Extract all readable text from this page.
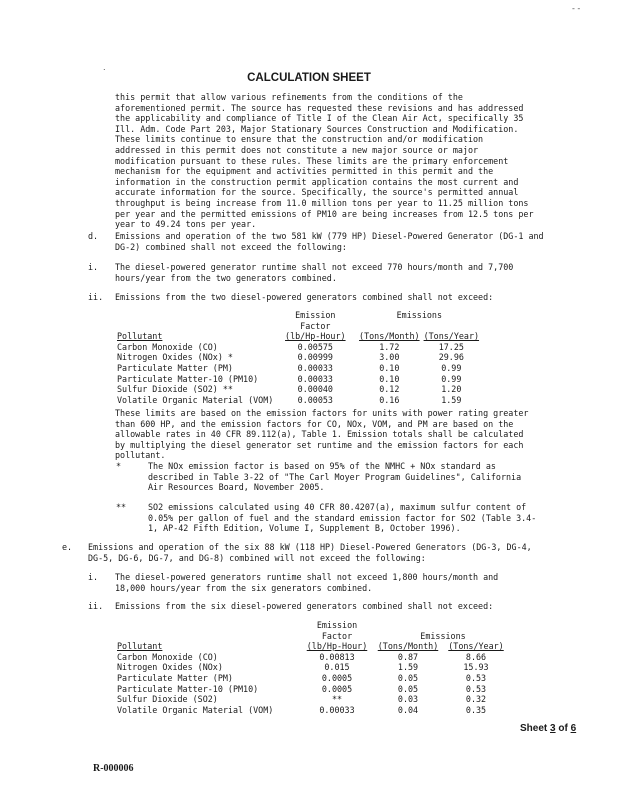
- -
.
CALCULATION SHEET
this permit that allow various refinements from the conditions of the
aforementioned permit. The source has requested these revisions and has addressed
the applicability and compliance of Title I of the Clean Air Act, specifically 35
Ill. Adm. Code Part 203, Major Stationary Sources Construction and Modification.
These limits continue to ensure that the construction and/or modification
addressed in this permit does not constitute a new major source or major
modification pursuant to these rules. These limits are the primary enforcement
mechanism for the equipment and activities permitted in this permit and the
information in the construction permit application contains the most current and
accurate information for the source. Specifically, the source's permitted annual
throughput is being increase from 11.0 million tons per year to 11.25 million tons
per year and the permitted emissions of PM10 are being increases from 12.5 tons per
year to 49.24 tons per year.
d. Emissions and operation of the two 581 kW (779 HP) Diesel-Powered Generator (DG-1 and
DG-2) combined shall not exceed the following:
i. The diesel-powered generator runtime shall not exceed 770 hours/month and 7,700
hours/year from the two generators combined.
ii. Emissions from the two diesel-powered generators combined shall not exceed:
	Emission	Emissions	
	Factor		
Pollutant	(lb/Hp-Hour)	(Tons/Month)	(Tons/Year)
Carbon Monoxide (CO)	0.00575	1.72	17.25
Nitrogen Oxides (NOx) *	0.00999	3.00	29.96
Particulate Matter (PM)	0.00033	0.10	0.99
Particulate Matter-10 (PM10)	0.00033	0.10	0.99
Sulfur Dioxide (SO2) **	0.00040	0.12	1.20
Volatile Organic Material (VOM)	0.00053	0.16	1.59
These limits are based on the emission factors for units with power rating greater
than 600 HP, and the emission factors for CO, NOx, VOM, and PM are based on the
allowable rates in 40 CFR 89.112(a), Table 1. Emission totals shall be calculated
by multiplying the diesel generator set runtime and the emission factors for each
pollutant.
*	The NOx emission factor is based on 95% of the NMHC + NOx standard as
described in Table 3-22 of "The Carl Moyer Program Guidelines", California
Air Resources Board, November 2005.
**	SO2 emissions calculated using 40 CFR 80.4207(a), maximum sulfur content of
0.05% per gallon of fuel and the standard emission factor for SO2 (Table 3.4-
1, AP-42 Fifth Edition, Volume I, Supplement B, October 1996).
e. Emissions and operation of the six 88 kW (118 HP) Diesel-Powered Generators (DG-3, DG-4,
DG-5, DG-6, DG-7, and DG-8) combined will not exceed the following:
i. The diesel-powered generators runtime shall not exceed 1,800 hours/month and
18,000 hours/year from the six generators combined.
ii. Emissions from the six diesel-powered generators combined shall not exceed:
	Emission		
	Factor	Emissions	
Pollutant	(lb/Hp-Hour)	(Tons/Month)	(Tons/Year)
Carbon Monoxide (CO)	0.00813	0.87	8.66
Nitrogen Oxides (NOx)	0.015	1.59	15.93
Particulate Matter (PM)	0.0005	0.05	0.53
Particulate Matter-10 (PM10)	0.0005	0.05	0.53
Sulfur Dioxide (SO2)	**	0.03	0.32
Volatile Organic Material (VOM)	0.00033	0.04	0.35
Sheet 3 of 6
R-000006
